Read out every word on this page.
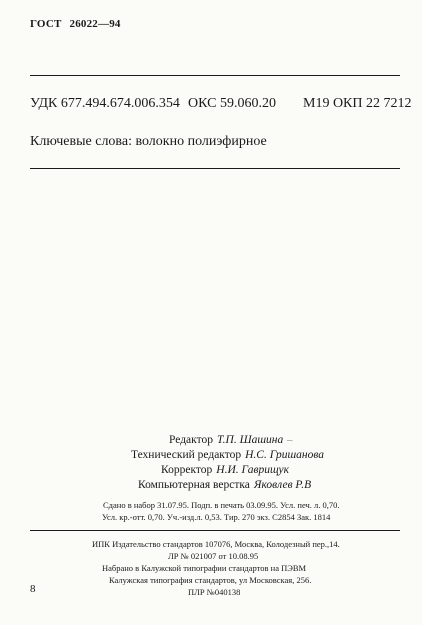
ГОСТ 26022—94
УДК 677.494.674.006.354 ОКС 59.060.20 М19 ОКП 22 7212
Ключевые слова: волокно полиэфирное
Редактор Т.П. Шашина –
Технический редактор Н.С. Гришанова
Корректор Н.И. Гаврищук
Компьютерная верстка Яковлев Р.В
Сдано в набор 31.07.95. Подп. в печать 03.09.95. Усл. печ. л. 0,70.
Усл. кр.-отт. 0,70. Уч.-изд.л. 0,53. Тир. 270 экз. С2854 Зак. 1814
ИПК Издательство стандартов 107076, Москва, Колодезный пер.,14.
ЛР № 021007 от 10.08.95
Набрано в Калужской типографии стандартов на ПЭВМ
Калужская типография стандартов, ул Московская, 256.
ПЛР №040138
8
